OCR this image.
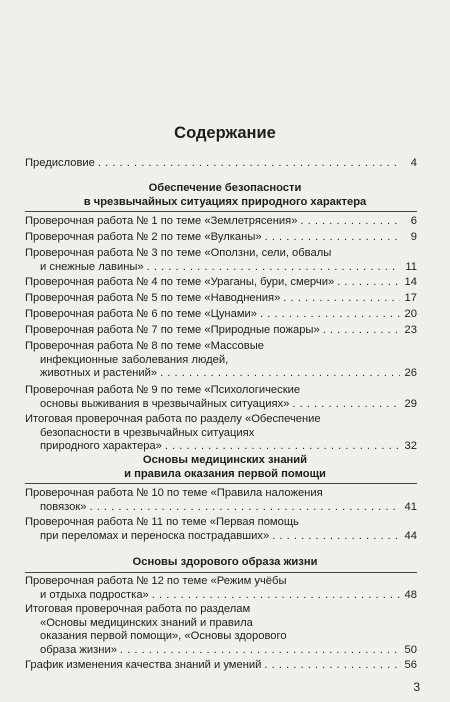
Содержание
Предисловие . . .	4
Обеспечение безопасности
в чрезвычайных ситуациях природного характера
Проверочная работа № 1 по теме «Землетрясения» . . .	6
Проверочная работа № 2 по теме «Вулканы» . . .	9
Проверочная работа № 3 по теме «Оползни, сели, обвалы
и снежные лавины» . . .	11
Проверочная работа № 4 по теме «Ураганы, бури, смерчи» . . .	14
Проверочная работа № 5 по теме «Наводнения» . . .	17
Проверочная работа № 6 по теме «Цунами» . . .	20
Проверочная работа № 7 по теме «Природные пожары» . . .	23
Проверочная работа № 8 по теме «Массовые
инфекционные заболевания людей,
животных и растений» . . .	26
Проверочная работа № 9 по теме «Психологические
основы выживания в чрезвычайных ситуациях» . . .	29
Итоговая проверочная работа по разделу «Обеспечение
безопасности в чрезвычайных ситуациях
природного характера» . . .	32
Основы медицинских знаний
и правила оказания первой помощи
Проверочная работа № 10 по теме «Правила наложения
повязок» . . .	41
Проверочная работа № 11 по теме «Первая помощь
при переломах и переноска пострадавших» . . .	44
Основы здорового образа жизни
Проверочная работа № 12 по теме «Режим учёбы
и отдыха подростка» . . .	48
Итоговая проверочная работа по разделам
«Основы медицинских знаний и правила
оказания первой помощи», «Основы здорового
образа жизни» . . .	50
График изменения качества знаний и умений . . .	56
3
